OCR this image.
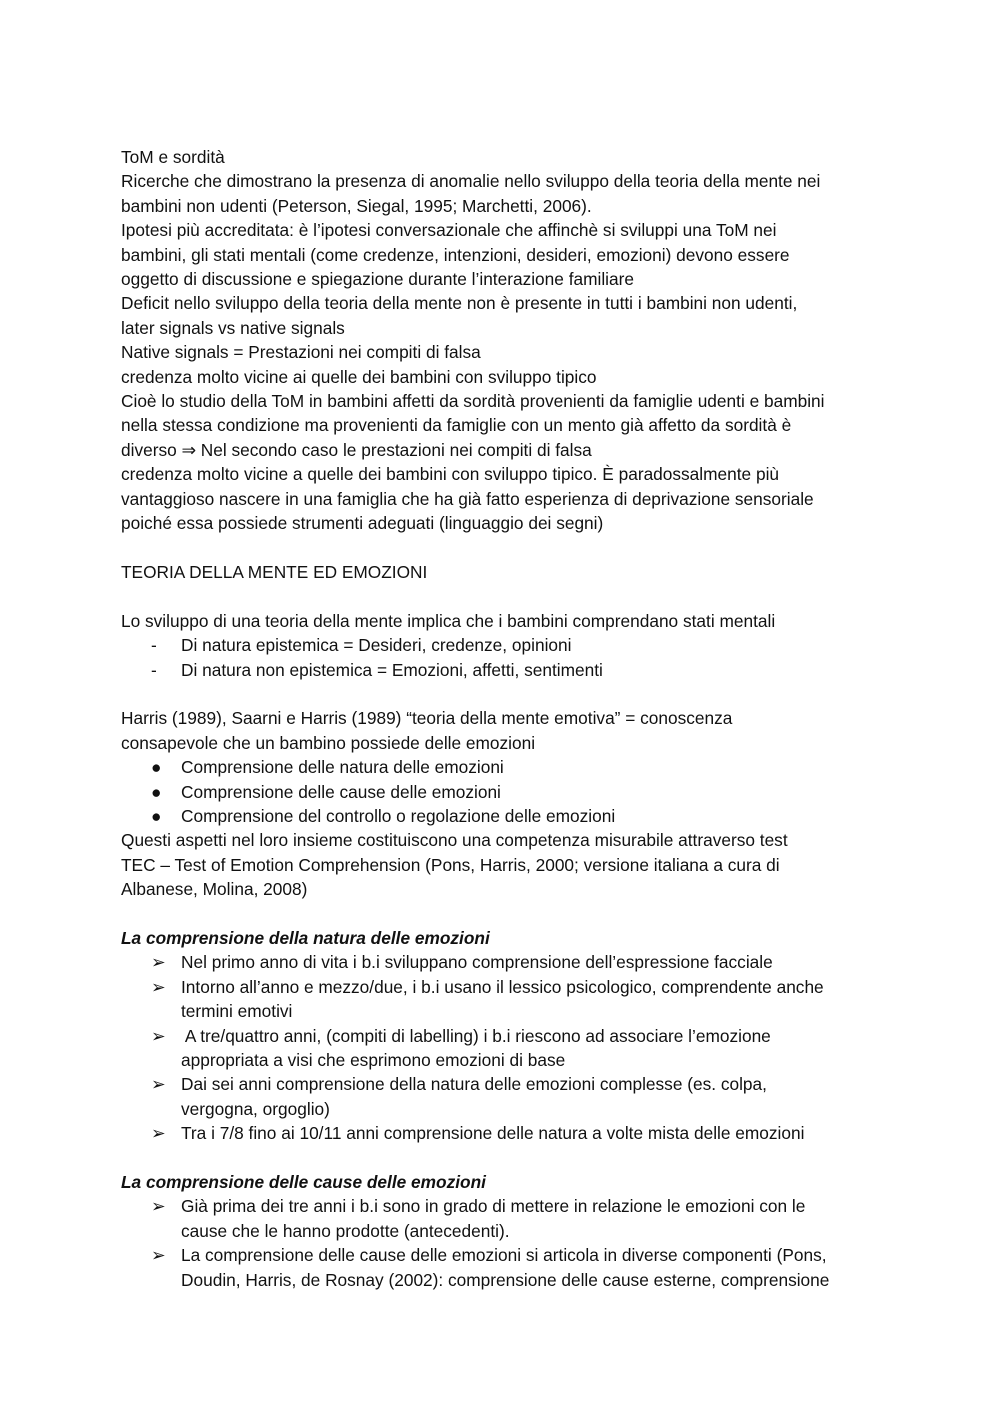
ToM e sordità

Ricerche che dimostrano la presenza di anomalie nello sviluppo della teoria della mente nei

bambini non udenti (Peterson, Siegal, 1995; Marchetti, 2006).

Ipotesi più accreditata: è l’ipotesi conversazionale che affinchè si sviluppi una ToM nei

bambini, gli stati mentali (come credenze, intenzioni, desideri, emozioni) devono essere

oggetto di discussione e spiegazione durante l’interazione familiare

Deficit nello sviluppo della teoria della mente non è presente in tutti i bambini non udenti,

later signals vs native signals

Native signals = Prestazioni nei compiti di falsa

credenza molto vicine ai quelle dei bambini con sviluppo tipico

Cioè lo studio della ToM in bambini affetti da sordità provenienti da famiglie udenti e bambini

nella stessa condizione ma provenienti da famiglie con un mento già affetto da sordità è

diverso ⇒ Nel secondo caso le prestazioni nei compiti di falsa

credenza molto vicine a quelle dei bambini con sviluppo tipico. È paradossalmente più

vantaggioso nascere in una famiglia che ha già fatto esperienza di deprivazione sensoriale

poiché essa possiede strumenti adeguati (linguaggio dei segni)

TEORIA DELLA MENTE ED EMOZIONI

Lo sviluppo di una teoria della mente implica che i bambini comprendano stati mentali

-	Di natura epistemica = Desideri, credenze, opinioni
-	Di natura non epistemica = Emozioni, affetti, sentimenti

Harris (1989), Saarni e Harris (1989) “teoria della mente emotiva” = conoscenza

consapevole che un bambino possiede delle emozioni

●	Comprensione delle natura delle emozioni
●	Comprensione delle cause delle emozioni
●	Comprensione del controllo o regolazione delle emozioni

Questi aspetti nel loro insieme costituiscono una competenza misurabile attraverso test

TEC – Test of Emotion Comprehension (Pons, Harris, 2000; versione italiana a cura di

Albanese, Molina, 2008)

La comprensione della natura delle emozioni

➢ Nel primo anno di vita i b.i sviluppano comprensione dell’espressione facciale
➢ Intorno all’anno e mezzo/due, i b.i usano il lessico psicologico, comprendente anche
termini emotivi
➢ A tre/quattro anni, (compiti di labelling) i b.i riescono ad associare l’emozione
appropriata a visi che esprimono emozioni di base
➢ Dai sei anni comprensione della natura delle emozioni complesse (es. colpa,
vergogna, orgoglio)
➢ Tra i 7/8 fino ai 10/11 anni comprensione delle natura a volte mista delle emozioni

La comprensione delle cause delle emozioni

➢ Già prima dei tre anni i b.i sono in grado di mettere in relazione le emozioni con le
cause che le hanno prodotte (antecedenti).
➢ La comprensione delle cause delle emozioni si articola in diverse componenti (Pons,
Doudin, Harris, de Rosnay (2002): comprensione delle cause esterne, comprensione
